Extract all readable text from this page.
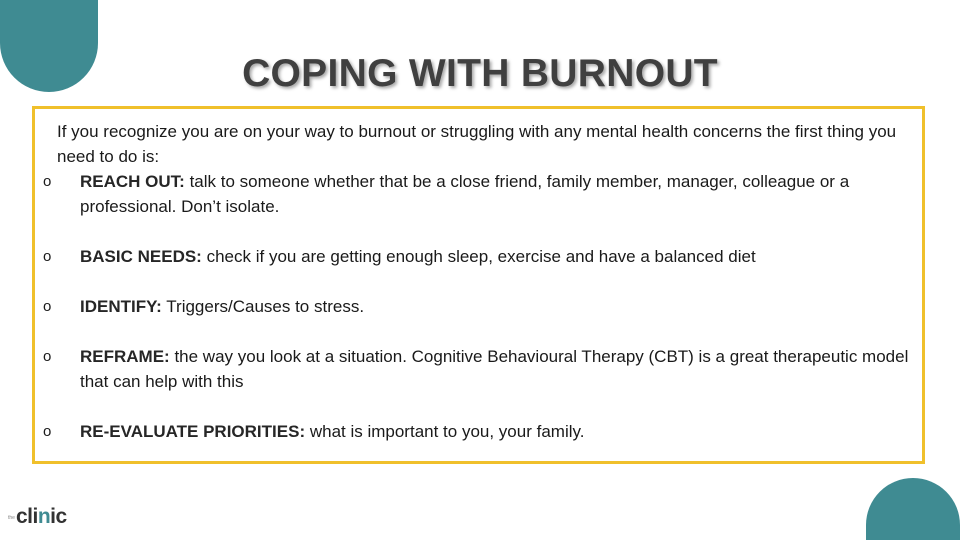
COPING WITH BURNOUT
If you recognize you are on your way to burnout or struggling with any mental health concerns the first thing you need to do is:
o REACH OUT: talk to someone whether that be a close friend, family member, manager, colleague or a professional. Don’t isolate.
o BASIC NEEDS: check if you are getting enough sleep, exercise and have a balanced diet
o IDENTIFY: Triggers/Causes to stress.
o REFRAME: the way you look at a situation. Cognitive Behavioural Therapy (CBT) is a great therapeutic model that can help with this
o RE-EVALUATE PRIORITIES: what is important to you, your family.
the clinic
